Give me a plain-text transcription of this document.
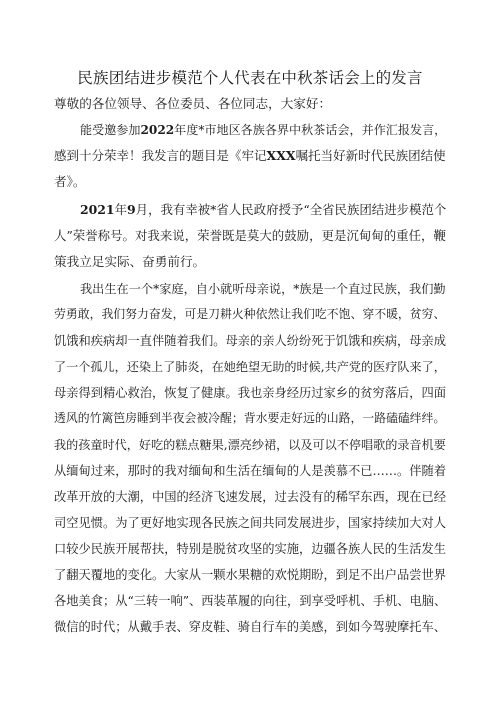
民族团结进步模范个人代表在中秋茶话会上的发言
尊敬的各位领导、各位委员、各位同志，大家好：
能受邀参加2022年度*市地区各族各界中秋茶话会，并作汇报发言，
感到十分荣幸！我发言的题目是《牢记XXX嘱托当好新时代民族团结使
者》。
2021年9月，我有幸被*省人民政府授予“全省民族团结进步模范个
人”荣誉称号。对我来说，荣誉既是莫大的鼓励，更是沉甸甸的重任，鞭
策我立足实际、奋勇前行。
我出生在一个*家庭，自小就听母亲说，*族是一个直过民族，我们勤
劳勇敢，我们努力奋发，可是刀耕火种依然让我们吃不饱、穿不暖，贫穷、
饥饿和疾病却一直伴随着我们。母亲的亲人纷纷死于饥饿和疾病，母亲成
了一个孤儿，还染上了肺炎，在她绝望无助的时候,共产党的医疗队来了，
母亲得到精心救治，恢复了健康。我也亲身经历过家乡的贫穷落后，四面
透风的竹篱笆房睡到半夜会被冷醒；背水要走好远的山路，一路磕磕绊绊。
我的孩童时代，好吃的糕点糖果,漂亮纱裙，以及可以不停唱歌的录音机要
从缅甸过来，那时的我对缅甸和生活在缅甸的人是羡慕不已……。伴随着
改革开放的大潮，中国的经济飞速发展，过去没有的稀罕东西，现在已经
司空见惯。为了更好地实现各民族之间共同发展进步，国家持续加大对人
口较少民族开展帮扶，特别是脱贫攻坚的实施，边疆各族人民的生活发生
了翻天覆地的变化。大家从一颗水果糖的欢悦期盼，到足不出户品尝世界
各地美食；从“三转一响”、西装革履的向往，到享受呼机、手机、电脑、
微信的时代；从戴手表、穿皮鞋、骑自行车的美感，到如今驾驶摩托车、
